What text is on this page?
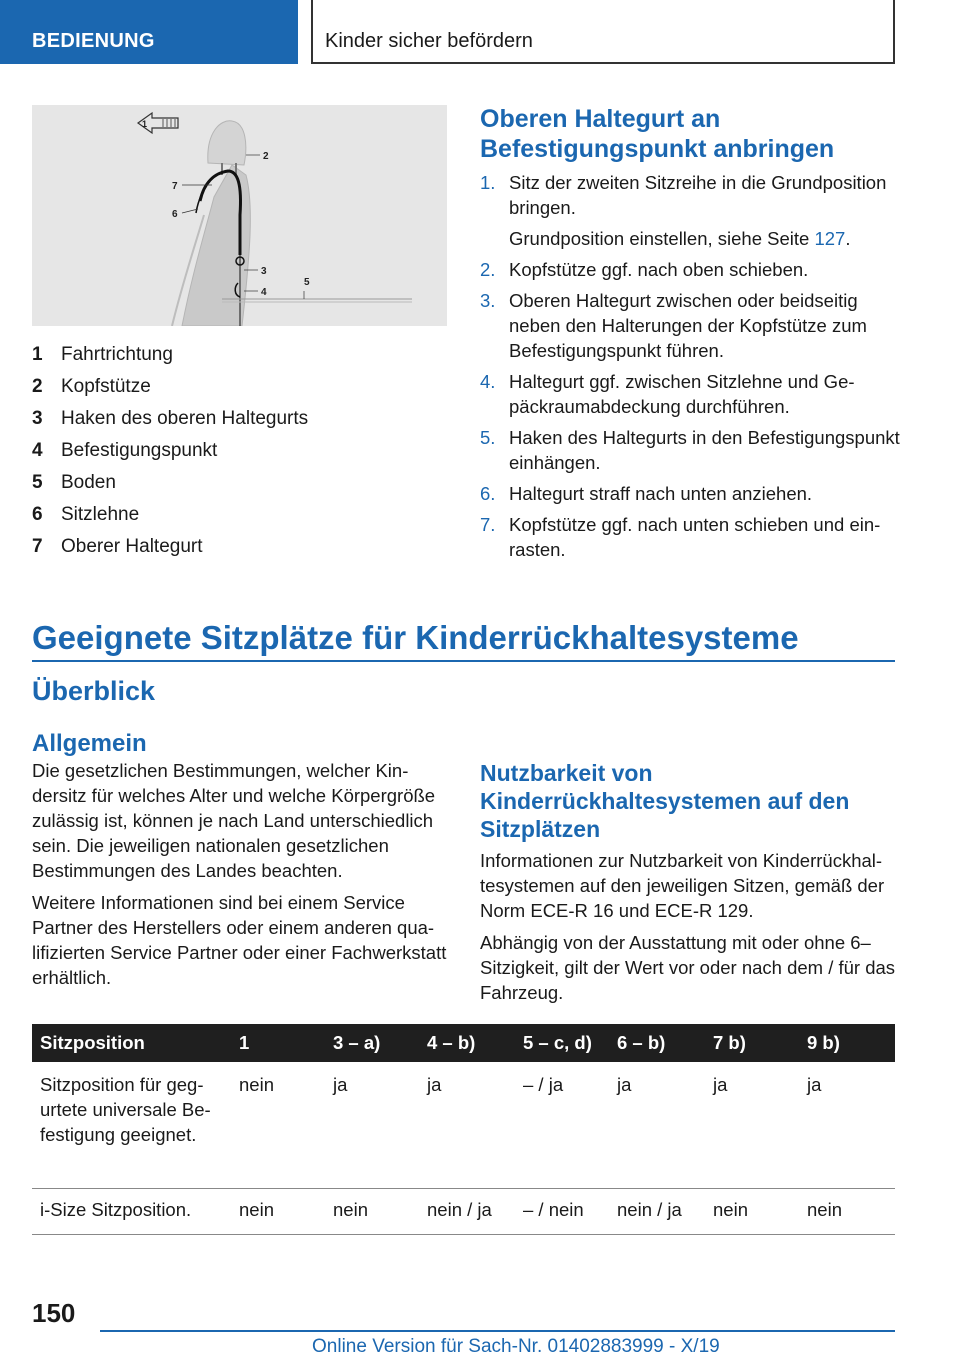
BEDIENUNG	Kinder sicher befördern
1
2
7
6
3
4
5
1 Fahrtrichtung
2 Kopfstütze
3 Haken des oberen Haltegurts
4 Befestigungspunkt
5 Boden
6 Sitzlehne
7 Oberer Haltegurt
Oberen Haltegurt an Befestigungspunkt anbringen
1. Sitz der zweiten Sitzreihe in die Grundposition bringen.

Grundposition einstellen, siehe Seite 127.

2. Kopfstütze ggf. nach oben schieben.

3. Oberen Haltegurt zwischen oder beidseitig neben den Halterungen der Kopfstütze zum Befestigungspunkt führen.

4. Haltegurt ggf. zwischen Sitzlehne und Gepäckraumabdeckung durchführen.

5. Haken des Haltegurts in den Befestigungspunkt einhängen.

6. Haltegurt straff nach unten anziehen.

7. Kopfstütze ggf. nach unten schieben und einrasten.

Geeignete Sitzplätze für Kinderrückhaltesysteme
Überblick
Allgemein

Die gesetzlichen Bestimmungen, welcher Kindersitz für welches Alter und welche Körpergröße zulässig ist, können je nach Land unterschiedlich sein. Die jeweiligen nationalen gesetzlichen Bestimmungen des Landes beachten.

Weitere Informationen sind bei einem Service Partner des Herstellers oder einem anderen qualifizierten Service Partner oder einer Fachwerkstatt erhältlich.

Nutzbarkeit von Kinderrückhaltesystemen auf den Sitzplätzen

Informationen zur Nutzbarkeit von Kinderrückhaltesystemen auf den jeweiligen Sitzen, gemäß der Norm ECE-R 16 und ECE-R 129.

Abhängig von der Ausstattung mit oder ohne 6–Sitzigkeit, gilt der Wert vor oder nach dem / für das Fahrzeug.

Sitzposition	1	3 – a)	4 – b)	5 – c, d)	6 – b)	7 b)	9 b)
Sitzposition für gegurtete universale Befestigung geeignet.	nein	ja	ja	– / ja	ja	ja	ja
i-Size Sitzposition.	nein	nein	nein / ja	– / nein	nein / ja	nein	nein
150
Online Version für Sach-Nr. 01402883999 - X/19
